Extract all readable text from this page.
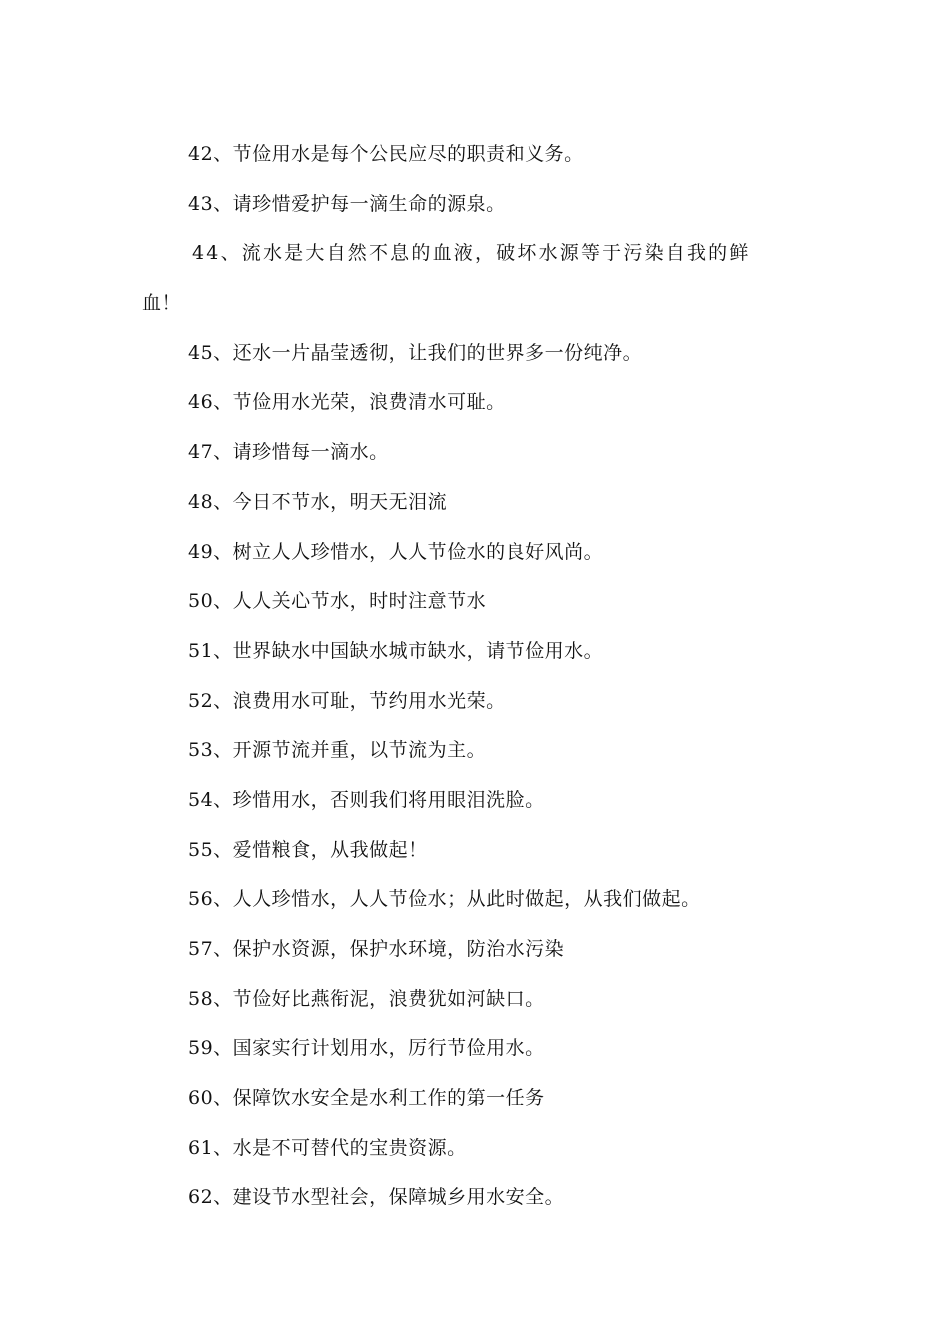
42、节俭用水是每个公民应尽的职责和义务。
43、请珍惜爱护每一滴生命的源泉。
44、流水是大自然不息的血液，破坏水源等于污染自我的鲜
血！
45、还水一片晶莹透彻，让我们的世界多一份纯净。
46、节俭用水光荣，浪费清水可耻。
47、请珍惜每一滴水。
48、今日不节水，明天无泪流
49、树立人人珍惜水，人人节俭水的良好风尚。
50、人人关心节水，时时注意节水
51、世界缺水中国缺水城市缺水，请节俭用水。
52、浪费用水可耻，节约用水光荣。
53、开源节流并重，以节流为主。
54、珍惜用水，否则我们将用眼泪洗脸。
55、爱惜粮食，从我做起！
56、人人珍惜水，人人节俭水；从此时做起，从我们做起。
57、保护水资源，保护水环境，防治水污染
58、节俭好比燕衔泥，浪费犹如河缺口。
59、国家实行计划用水，厉行节俭用水。
60、保障饮水安全是水利工作的第一任务
61、水是不可替代的宝贵资源。
62、建设节水型社会，保障城乡用水安全。
